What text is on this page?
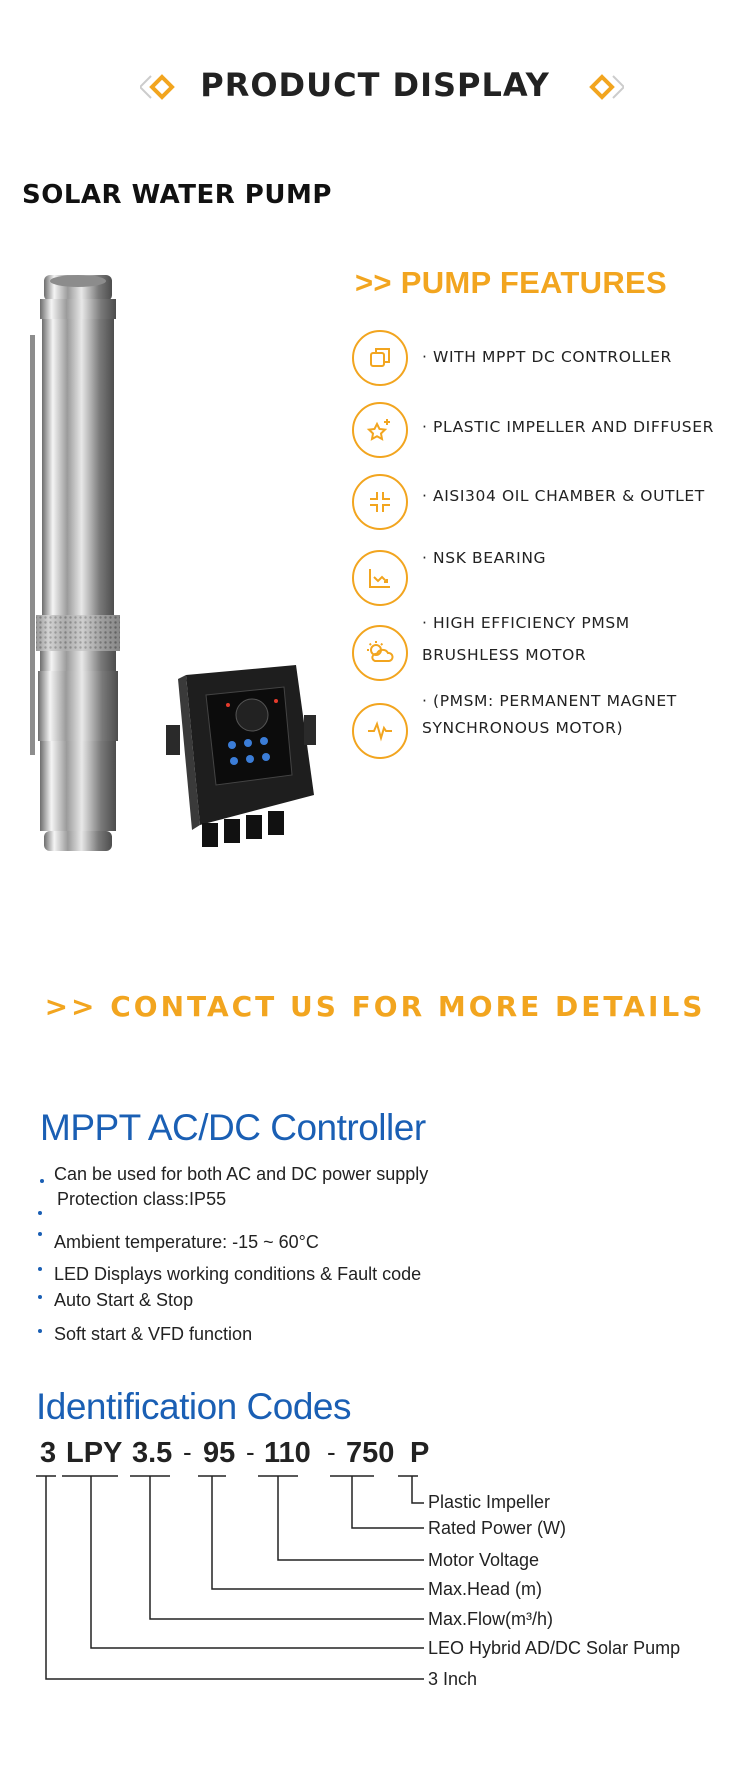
PRODUCT DISPLAY
SOLAR WATER PUMP
>> PUMP FEATURES
· WITH MPPT DC CONTROLLER
· PLASTIC IMPELLER AND DIFFUSER
· AISI304 OIL CHAMBER & OUTLET
· NSK BEARING
· HIGH EFFICIENCY PMSM
BRUSHLESS MOTOR
· (PMSM: PERMANENT MAGNET
SYNCHRONOUS MOTOR)
>> CONTACT US FOR MORE DETAILS
MPPT AC/DC Controller
Can be used for both AC and DC power supply
Protection class:IP55
Ambient temperature: -15 ~ 60°C
LED Displays working conditions & Fault code
Auto Start & Stop
Soft start & VFD function
Identification Codes
3 LPY 3.5 - 95 - 110 - 750 P
Plastic Impeller
Rated Power (W)
Motor Voltage
Max.Head (m)
Max.Flow(m³/h)
LEO Hybrid AD/DC Solar Pump
3 Inch
